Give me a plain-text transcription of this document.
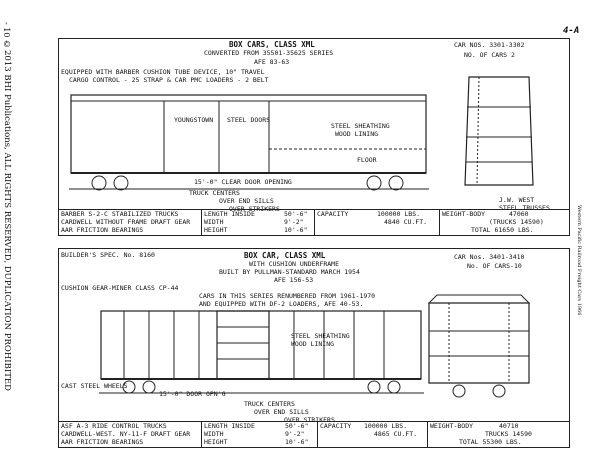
- 10 -
©2013 BHI Publications, ALL RIGHTS RESERVED, DUPLICATION PROHIBITED	Western Pacific Railroad Freight Cars 1966
4-A
BOX CARS, CLASS XML
CONVERTED FROM 35501-35625 SERIES
AFE 83-63
CAR NOS. 3301-3302
NO. OF CARS 2
EQUIPPED WITH BARBER CUSHION TUBE DEVICE, 10" TRAVEL
CARGO CONTROL - 25 STRAP & CAR PMC LOADERS - 2 BELT
YOUNGSTOWN STEEL DOORS
STEEL SHEATHING
WOOD LINING
FLOOR
15'-0" CLEAR DOOR OPENING
TRUCK CENTERS
OVER END SILLS
OVER STRIKERS
J.W. WEST
STEEL TRUSSES
BARBER S-2-C STABILIZED TRUCKS
CARDWELL WITHOUT FRAME DRAFT GEAR
AAR FRICTION BEARINGS
LENGTH INSIDE	50'-6"
WIDTH	9'-2"
HEIGHT	10'-6"
CAPACITY	100000 LBS.
4840 CU.FT.
WEIGHT-BODY	47060
(TRUCKS 14590)
TOTAL 61650 LBS.
BUILDER'S SPEC. No. 8160	BOX CAR, CLASS XML
WITH CUSHION UNDERFRAME
BUILT BY PULLMAN-STANDARD MARCH 1954
AFE 156-53
CAR Nos. 3401-3410
No. OF CARS-10
CUSHION GEAR-MINER CLASS CP-44
CARS IN THIS SERIES RENUMBERED FROM 1961-1970
AND EQUIPPED WITH DF-2 LOADERS, AFE 40-53.
STEEL SHEATHING
WOOD LINING
CAST STEEL WHEELS
15'-0" DOOR OPN'G
TRUCK CENTERS
OVER END SILLS
OVER STRIKERS
ASF A-3 RIDE CONTROL TRUCKS
CARDWELL-WEST. NY-11-F DRAFT GEAR
AAR FRICTION BEARINGS
LENGTH INSIDE	50'-6"
WIDTH	9'-2"
HEIGHT	10'-6"
CAPACITY 100000 LBS.
4865 CU.FT.
WEIGHT-BODY	40710
TRUCKS 14590
TOTAL 55300 LBS.
